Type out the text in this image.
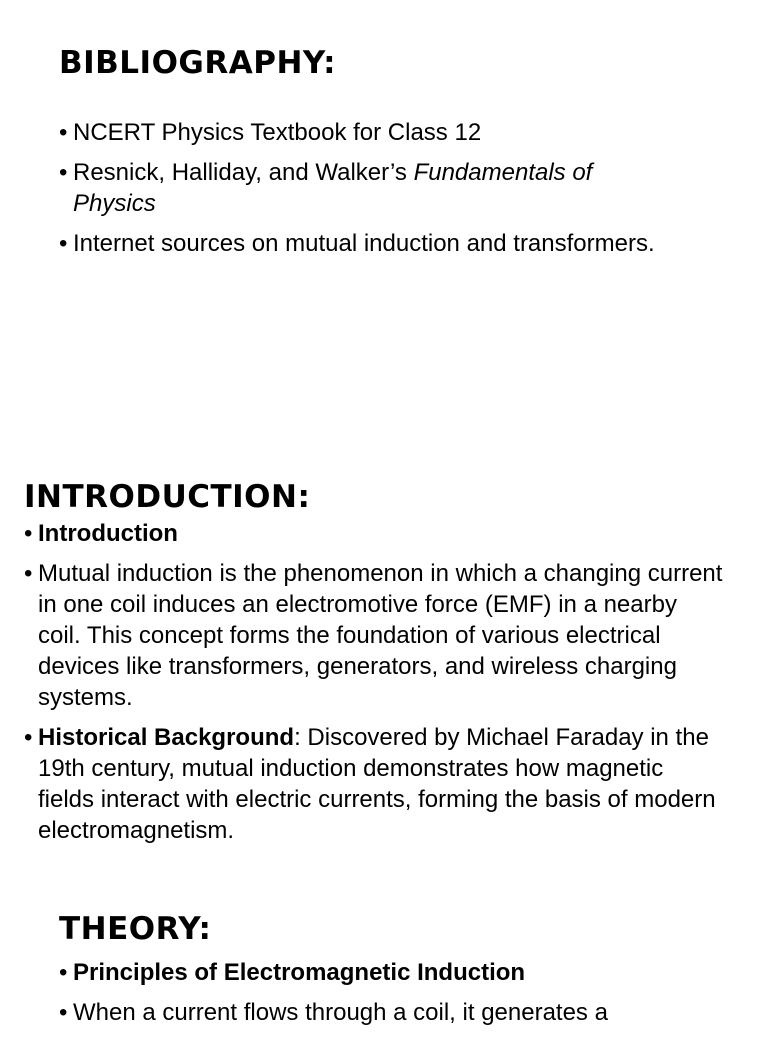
BIBLIOGRAPHY:
• NCERT Physics Textbook for Class 12
• Resnick, Halliday, and Walker’s Fundamentals of Physics
• Internet sources on mutual induction and transformers.
INTRODUCTION:
• Introduction
• Mutual induction is the phenomenon in which a changing current in one coil induces an electromotive force (EMF) in a nearby coil. This concept forms the foundation of various electrical devices like transformers, generators, and wireless charging systems.
• Historical Background: Discovered by Michael Faraday in the 19th century, mutual induction demonstrates how magnetic fields interact with electric currents, forming the basis of modern electromagnetism.
THEORY:
• Principles of Electromagnetic Induction
• When a current flows through a coil, it generates a
